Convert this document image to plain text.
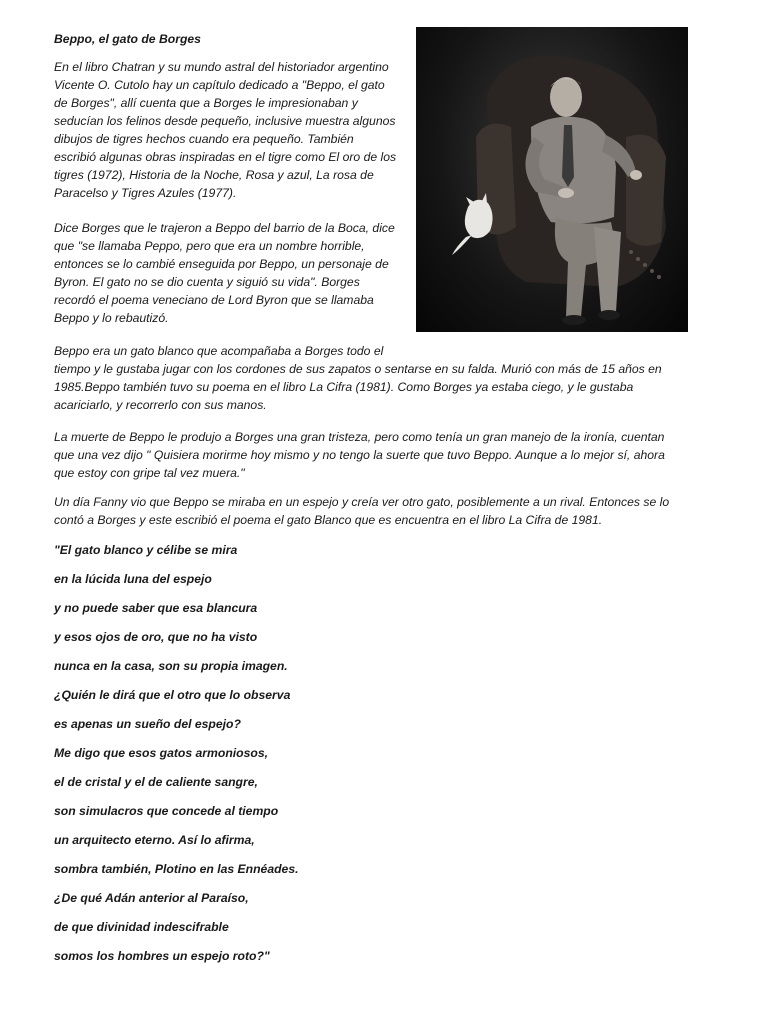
Beppo, el gato de Borges
En el libro Chatran y su mundo astral del historiador argentino
Vicente O. Cutolo hay un capítulo dedicado a "Beppo, el gato
de Borges", allí cuenta que a Borges le impresionaban y
seducían los felinos desde pequeño, inclusive muestra algunos
dibujos de tigres hechos cuando era pequeño. También
escribió algunas obras inspiradas en el tigre como El oro de los
tigres (1972), Historia de la Noche, Rosa y azul, La rosa de
Paracelso y Tigres Azules (1977).
Dice Borges que le trajeron a Beppo del barrio de la Boca, dice
que "se llamaba Peppo, pero que era un nombre horrible,
entonces se lo cambié enseguida por Beppo, un personaje de
Byron. El gato no se dio cuenta y siguió su vida". Borges
recordó el poema veneciano de Lord Byron que se llamaba
Beppo y lo rebautizó.
Beppo era un gato blanco que acompañaba a Borges todo el
tiempo y le gustaba jugar con los cordones de sus zapatos o sentarse en su falda. Murió con más de 15 años en
1985.Beppo también tuvo su poema en el libro La Cifra (1981). Como Borges ya estaba ciego, y le gustaba
acariciarlo, y recorrerlo con sus manos.
La muerte de Beppo le produjo a Borges una gran tristeza, pero como tenía un gran manejo de la ironía, cuentan
que una vez dijo " Quisiera morirme hoy mismo y no tengo la suerte que tuvo Beppo. Aunque a lo mejor sí, ahora
que estoy con gripe tal vez muera."
Un día Fanny vio que Beppo se miraba en un espejo y creía ver otro gato, posiblemente a un rival. Entonces se lo
contó a Borges y este escribió el poema el gato Blanco que es encuentra en el libro La Cifra de 1981.
"El gato blanco y célibe se mira
en la lúcida luna del espejo
y no puede saber que esa blancura
y esos ojos de oro, que no ha visto
nunca en la casa, son su propia imagen.
¿Quién le dirá que el otro que lo observa
es apenas un sueño del espejo?
Me digo que esos gatos armoniosos,
el de cristal y el de caliente sangre,
son simulacros que concede al tiempo
un arquitecto eterno. Así lo afirma,
sombra también, Plotino en las Ennéades.
¿De qué Adán anterior al Paraíso,
de que divinidad indescifrable
somos los hombres un espejo roto?"
